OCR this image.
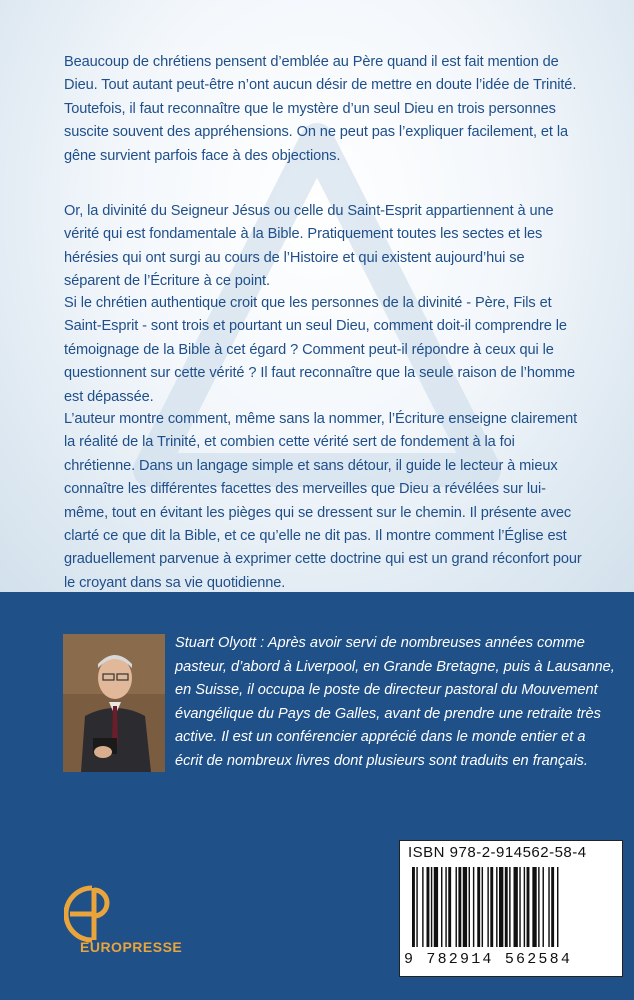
Beaucoup de chrétiens pensent d’emblée au Père quand il est fait mention de Dieu. Tout autant peut-être n’ont aucun désir de mettre en doute l’idée de Trinité. Toutefois, il faut reconnaître que le mystère d’un seul Dieu en trois personnes suscite souvent des appréhensions. On ne peut pas l’expliquer facilement, et la gêne survient parfois face à des objections.

Or, la divinité du Seigneur Jésus ou celle du Saint-Esprit appartiennent à une vérité qui est fondamentale à la Bible. Pratiquement toutes les sectes et les hérésies qui ont surgi au cours de l’Histoire et qui existent aujourd’hui se séparent de l’Écriture à ce point.

Si le chrétien authentique croit que les personnes de la divinité - Père, Fils et Saint-Esprit - sont trois et pourtant un seul Dieu, comment doit-il comprendre le témoignage de la Bible à cet égard ? Comment peut-il répondre à ceux qui le questionnent sur cette vérité ? Il faut reconnaître que la seule raison de l’homme est dépassée.

L’auteur montre comment, même sans la nommer, l’Écriture enseigne clairement la réalité de la Trinité, et combien cette vérité sert de fondement à la foi chrétienne. Dans un langage simple et sans détour, il guide le lecteur à mieux connaître les différentes facettes des merveilles que Dieu a révélées sur lui-même, tout en évitant les pièges qui se dressent sur le chemin. Il présente avec clarté ce que dit la Bible, et ce qu’elle ne dit pas. Il montre comment l’Église est graduellement parvenue à exprimer cette doctrine qui est un grand réconfort pour le croyant dans sa vie quotidienne.

Stuart Olyott : Après avoir servi de nombreuses années comme pasteur, d’abord à Liverpool, en Grande Bretagne, puis à Lausanne, en Suisse, il occupa le poste de directeur pastoral du Mouvement évangélique du Pays de Galles, avant de prendre une retraite très active. Il est un conférencier apprécié dans le monde entier et a écrit de nombreux livres dont plusieurs sont traduits en français.

EUROPRESSE
ISBN 978-2-914562-58-4
9 782914 562584
